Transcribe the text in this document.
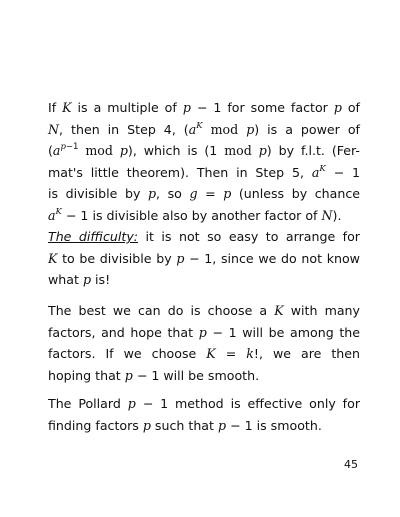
If K is a multiple of p − 1 for some factor p of
N, then in Step 4, ($a^K$ mod p) is a power of
($a^{p-1}$ mod p), which is (1 mod p) by f.l.t. (Fer-
mat's little theorem). Then in Step 5, $a^K - 1$
is divisible by p, so g = p (unless by chance
$a^K - 1$ is divisible also by another factor of N).

The difficulty: it is not so easy to arrange for
K to be divisible by p − 1, since we do not know
what p is!

The best we can do is choose a K with many
factors, and hope that p − 1 will be among the
factors. If we choose K = k!, we are then
hoping that p − 1 will be smooth.

The Pollard p − 1 method is effective only for
finding factors p such that p − 1 is smooth.

45
